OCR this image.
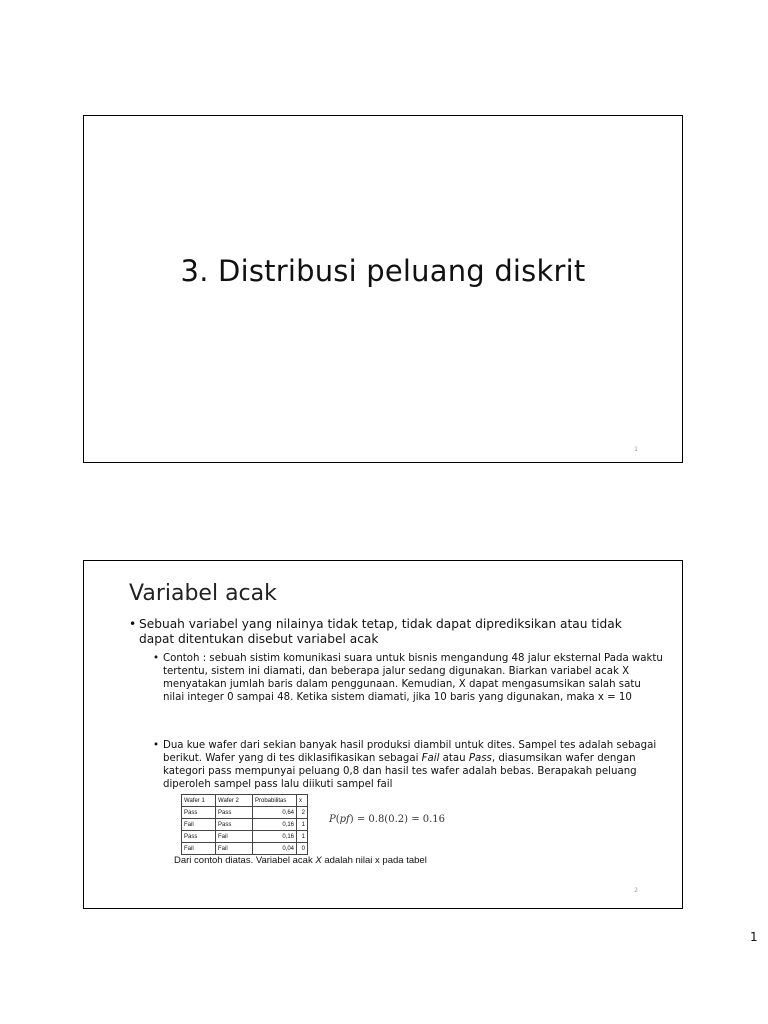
3. Distribusi peluang diskrit
1
Variabel acak
• Sebuah variabel yang nilainya tidak tetap, tidak dapat diprediksikan atau tidak dapat ditentukan disebut variabel acak
• Contoh : sebuah sistim komunikasi suara untuk bisnis mengandung 48 jalur eksternal Pada waktu tertentu, sistem ini diamati, dan beberapa jalur sedang digunakan. Biarkan variabel acak X menyatakan jumlah baris dalam penggunaan. Kemudian, X dapat mengasumsikan salah satu nilai integer 0 sampai 48. Ketika sistem diamati, jika 10 baris yang digunakan, maka x = 10
• Dua kue wafer dari sekian banyak hasil produksi diambil untuk dites. Sampel tes adalah sebagai berikut. Wafer yang di tes diklasifikasikan sebagai Fail atau Pass, diasumsikan wafer dengan kategori pass mempunyai peluang 0,8 dan hasil tes wafer adalah bebas. Berapakah peluang diperoleh sampel pass lalu diikuti sampel fail
Wafer 1	Wafer 2	Probabilitas	x
Pass	Pass	0,64	2
Fail	Pass	0,16	1
Pass	Fail	0,16	1
Fail	Fail	0,04	0
P(pf) = 0.8(0.2) = 0.16
Dari contoh diatas. Variabel acak X adalah nilai x pada tabel
2
1
